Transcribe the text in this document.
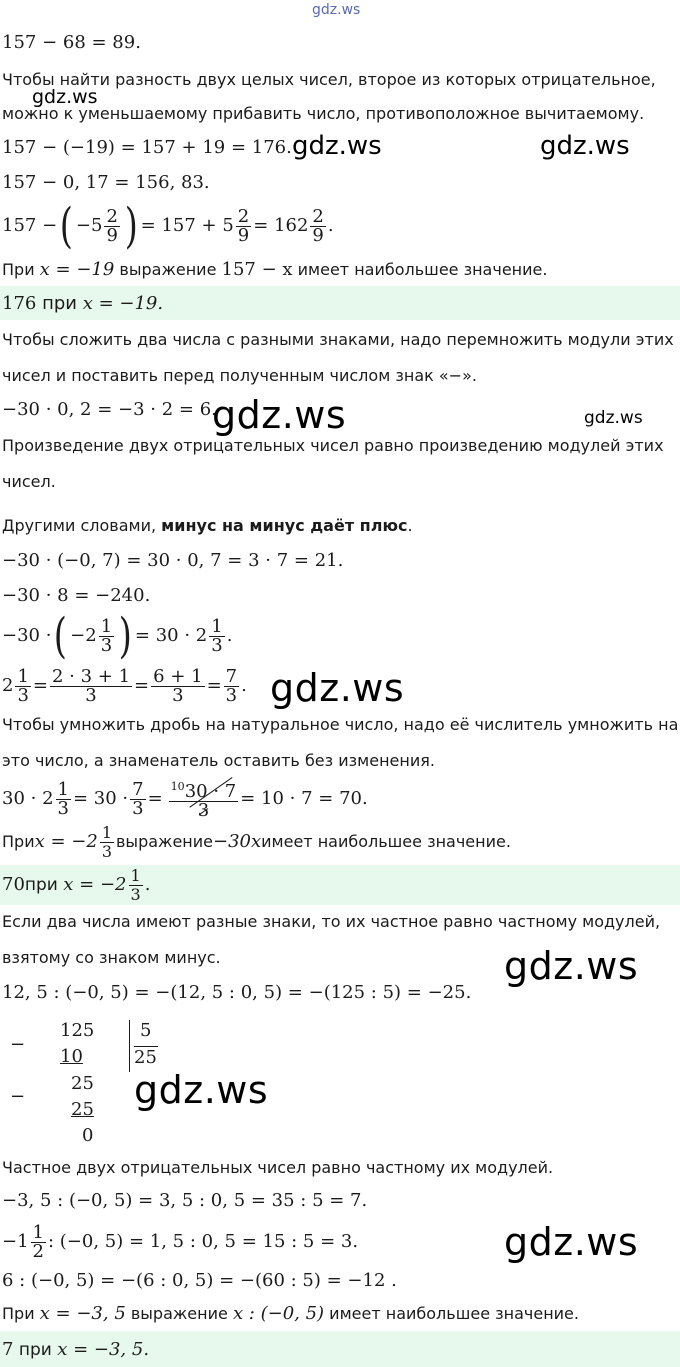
gdz.ws
157 − 68 = 89.
Чтобы найти разность двух целых чисел, второе из которых отрицательное,
можно к уменьшаемому прибавить число, противоположное вычитаемому.
gdz.ws
157 − (−19) = 157 + 19 = 176. gdz.ws	gdz.ws
157 − 0, 17 = 156, 83.
157 − ( $-5 \frac{2}{9}$ ) = $157 + 5 \frac{2}{9} = 162 \frac{2}{9}$ .
При x = −19 выражение 157 − x имеет наибольшее значение.
176 при x = −19.
Чтобы сложить два числа с разными знаками, надо перемножить модули этих
чисел и поставить перед полученным числом знак «−».
−30 · 0, 2 = −3 · 2 = 6.
gdz.ws	gdz.ws
Произведение двух отрицательных чисел равно произведению модулей этих
чисел.
Другими словами, минус на минус даёт плюс.
−30 · (−0, 7) = 30 · 0, 7 = 3 · 7 = 21.
−30 · 8 = −240.
−30 · ( $-2 \frac{1}{3}$ ) = $30 \cdot 2 \frac{1}{3}$ .
$2 \frac{1}{3} = \frac{2 \cdot 3 + 1}{3} = \frac{6 + 1}{3} = \frac{7}{3}$ . gdz.ws
Чтобы умножить дробь на натуральное число, надо её числитель умножить на
это число, а знаменатель оставить без изменения.
$30 \cdot 2 \frac{1}{3} = 30 \cdot \frac{7}{3} = \frac{^{10}30 \cdot 7}{3} = 10 \cdot 7 = 70$.
При $x = -2 \frac{1}{3}$ выражение −30x имеет наибольшее значение.
70 при
$x = -2 \frac{1}{3}$ .
Если два числа имеют разные знаки, то их частное равно частному модулей,
взятому со знаком минус.	gdz.ws
12, 5 : (−0, 5) = −(12, 5 : 0, 5) = −(125 : 5) = −25.
−
125
10
−
25
25
0
5
25
gdz.ws
Частное двух отрицательных чисел равно частному их модулей.
−3, 5 : (−0, 5) = 3, 5 : 0, 5 = 35 : 5 = 7.
$-1 \frac{1}{2}$ : (−0, 5) = 1, 5 : 0, 5 = 15 : 5 = 3.	gdz.ws
6 : (−0, 5) = −(6 : 0, 5) = −(60 : 5) = −12 .
При x = −3, 5 выражение x : (−0, 5) имеет наибольшее значение.
7 при x = −3, 5.
